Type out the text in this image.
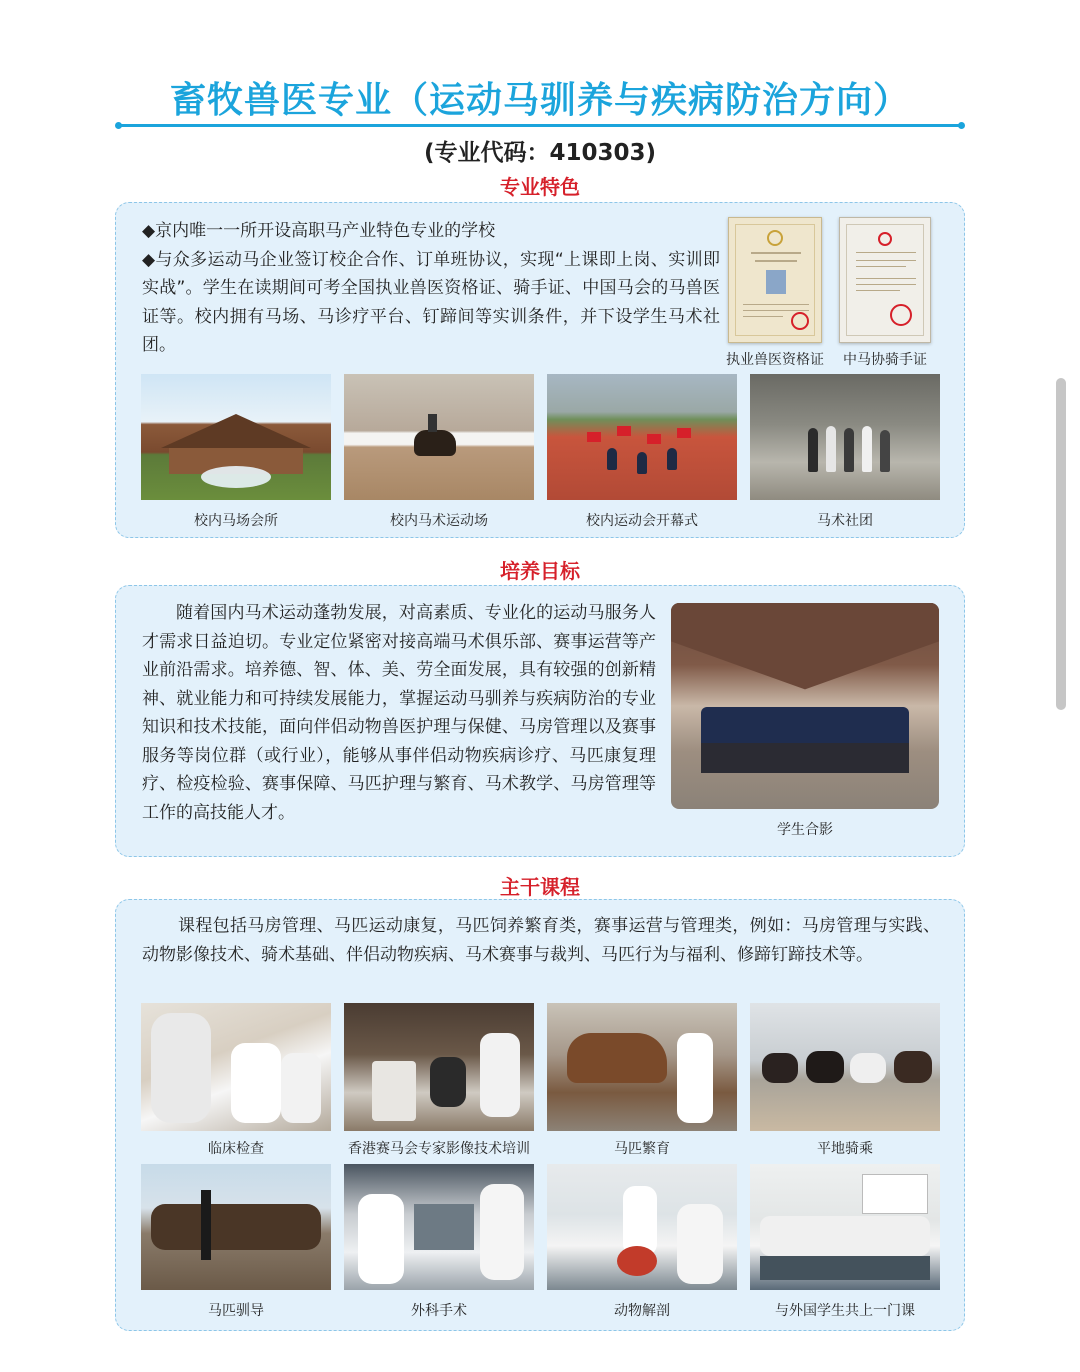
畜牧兽医专业（运动马驯养与疾病防治方向）
(专业代码：410303)
专业特色
◆京内唯一一所开设高职马产业特色专业的学校
◆与众多运动马企业签订校企合作、订单班协议，实现“上课即上岗、实训即实战”。学生在读期间可考全国执业兽医资格证、骑手证、中国马会的马兽医证等。校内拥有马场、马诊疗平台、钉蹄间等实训条件，并下设学生马术社团。
执业兽医资格证	中马协骑手证
校内马场会所	校内马术运动场	校内运动会开幕式	马术社团
培养目标
随着国内马术运动蓬勃发展，对高素质、专业化的运动马服务人才需求日益迫切。专业定位紧密对接高端马术俱乐部、赛事运营等产业前沿需求。培养德、智、体、美、劳全面发展，具有较强的创新精神、就业能力和可持续发展能力，掌握运动马驯养与疾病防治的专业知识和技术技能，面向伴侣动物兽医护理与保健、马房管理以及赛事服务等岗位群（或行业），能够从事伴侣动物疾病诊疗、马匹康复理疗、检疫检验、赛事保障、马匹护理与繁育、马术教学、马房管理等工作的高技能人才。
学生合影
主干课程
课程包括马房管理、马匹运动康复，马匹饲养繁育类，赛事运营与管理类，例如：马房管理与实践、动物影像技术、骑术基础、伴侣动物疾病、马术赛事与裁判、马匹行为与福利、修蹄钉蹄技术等。
临床检查	香港赛马会专家影像技术培训	马匹繁育	平地骑乘
马匹驯导	外科手术	动物解剖	与外国学生共上一门课
